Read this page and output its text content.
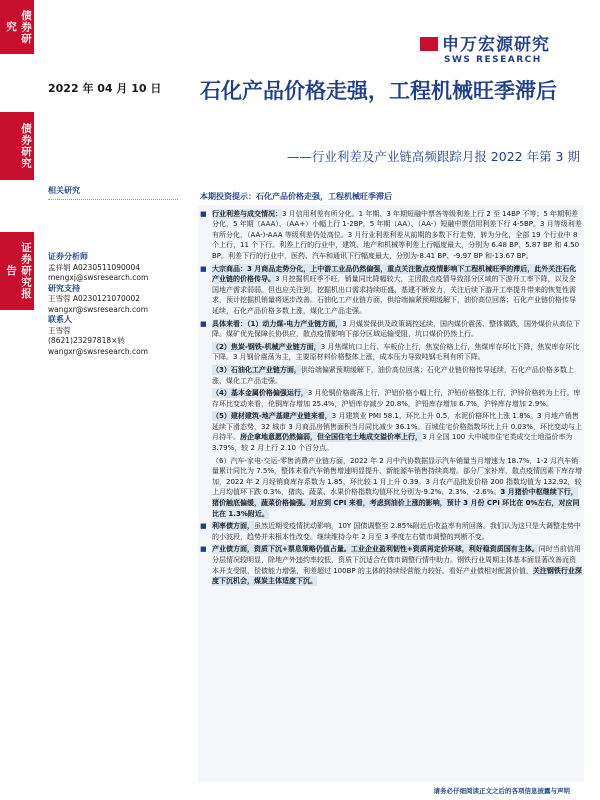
债券研究
债券研究
证券研究报告
申万宏源研究
SWS RESEARCH
2022 年 04 月 10 日 石化产品价格走强，工程机械旺季滞后
——行业利差及产业链高频跟踪月报 2022 年第 3 期
相关研究
证券分析师
孟祥娟 A0230511090004
mengxj@swsresearch.com
研究支持
王雪蓉 A0230121070002
wangxr@swsresearch.com
联系人
王雪蓉
(8621)23297818×转
wangxr@swsresearch.com
本期投资提示：石化产品价格走强，工程机械旺季滞后
■ 行业利差与成交情况：3 月信用利差有所分化。1 年期、3 年期短融中票各等级利差上行 2 至 14BP 不等；5 年期利差分化，5 年期（AAA）、（AA+）小幅上行 1-2BP，5 年期（AA）、（AA-）短融中票信用利差下行 4-5BP。3 月等级利差有所分化，（AA-)-AAA 等级利差仍处高位。3 月行业利差利差从前期的多数下行走势，转为分化，全部 19 个行业中 8 个上行，11 个下行。利差上行的行业中，建筑、地产和机械等利差上行幅度最大，分别为 6.48 BP、5.87 BP 和 4.50 BP。利差下行的行业中，医药、汽车和通讯下行幅度最大，分别为-8.41 BP、-9.97 BP 和-13.67 BP。
■ 大宗商品：3 月商品走势分化，上中游工业品仍然偏强，重点关注散点疫情影响下工程机械旺季的滞后，此外关注石化产业链的价格传导。3 月挖掘机旺季不旺，销量同比降幅较大，主因散点疫情导致部分区域的下游开工率下降，以及全国地产需求弱弱。但也应关注到，挖掘机出口需求持续旺盛、基建不断发力，关注后续下游开工率提升带来的恢复性需求，预计挖掘机销量将逐步改善。石油化工产业链方面，供给端偏紧预期缓解下，油价高位回落；石化产业链价格传导延续，石化产品价格多数上涨，煤化工产品走强。
■ 具体来看：（1）动力煤-电力产业链方面，3 月煤炭保供及政策调控延续，国内煤价震荡、整体微跌，国外煤价从高位下降。煤矿优先保障长协供应，散点疫情影响下部分区域运输受阻，坑口煤价仍然上行。
（2）焦炭-钢铁-机械产业链方面，3 月焦煤坑口上行、车板价上行，焦炭价格上行，焦煤库存环比下降，焦炭库存环比下降。3 月钢价震荡为主，主要原材料价格整体上涨，成本压力导致吨钢毛利有所下降。
（3）石油化工产业链方面，供给端偏紧预期缓解下，油价高位回落；石化产业链价格传导延续，石化产品价格多数上涨，煤化工产品走强。
（4）基本金属价格偏强运行，3 月伦铜价格震荡上行，沪铝价格小幅上行，沪铅价格整体上行，沪锌价格转为上行。库存环比变动来看，伦铜库存增加 25.4%，沪铝库存减少 20.8%，沪铅库存增加 6.7%，沪锌库存增加 2.9%。
（5）建材建筑-地产基建产业链来看，3 月建筑业 PMI 58.1，环比上升 0.5，水泥价格环比上涨 1.8%。3 月地产销售延续下滑态势，32 城市 3 月商品房销售面积当月同比减少 36.1%。百城住宅价格指数环比上升 0.03%，环比变动与上月持平。房企拿地意愿仍然偏弱，但全国住宅土地成交溢价率上行，3 月全国 100 大中城市住宅类成交土地溢价率为 3.79%，较 2 月上行 2.10 个百分点。
（6）汽车-家电-交运-零售消费产业链方面，2022 年 2 月中汽协数据显示汽车销量当月增速为 18.7%，1-2 月汽车销量累计同比为 7.5%，整体未看汽车销售增速明显提升、新能源车销售持续高增。部分厂家补库，散点疫情因素下库存增加，2022 年 2 月经销商库存系数为 1.85，环比较 1 月上升 0.39。3 月农产品批发价格 200 指数均值为 132.92，较上月均值环下跌 0.3%，猪肉、蔬菜、水果价格指数均值环比分别为-9.2%、2.3%、-2.6%。3 月猪价中枢继续下行，猪价触底偏缓，蔬菜价格偏强。对应到 CPI 来看，考虑到油价上涨的影响，预计 3 月份 CPI 环比在 0%左右，对应同比在 1.3%附近。
■ 利率债方面，虽然近期受疫情扰动影响，10Y 国债调整至 2.85%附近后收益率有所回落。我们认为这只是大调整走势中的小波段，趋势并未根本性改变。继续维持今年 2 月至 3 季度左右债市调整的判断不变。
■ 产业债方面，资质下沉+票息策略仍值占量。工业企业盈利韧性+资质再定价环球，利好稳资质国有主体。同时当前信用分层情况较明显，除地产外违约率较低，资质下沉适合在债市调整行情中助力。钢铁行业周期主体基本面显著改善而资本开支受限，偿债能力增强，利差超过 100BP 的主体的持续经营能力较好。看好产业债相对配置价值，关注钢铁行业深度下沉机会，煤炭主体适度下沉。
请务必仔细阅读正文之后的各项信息披露与声明
